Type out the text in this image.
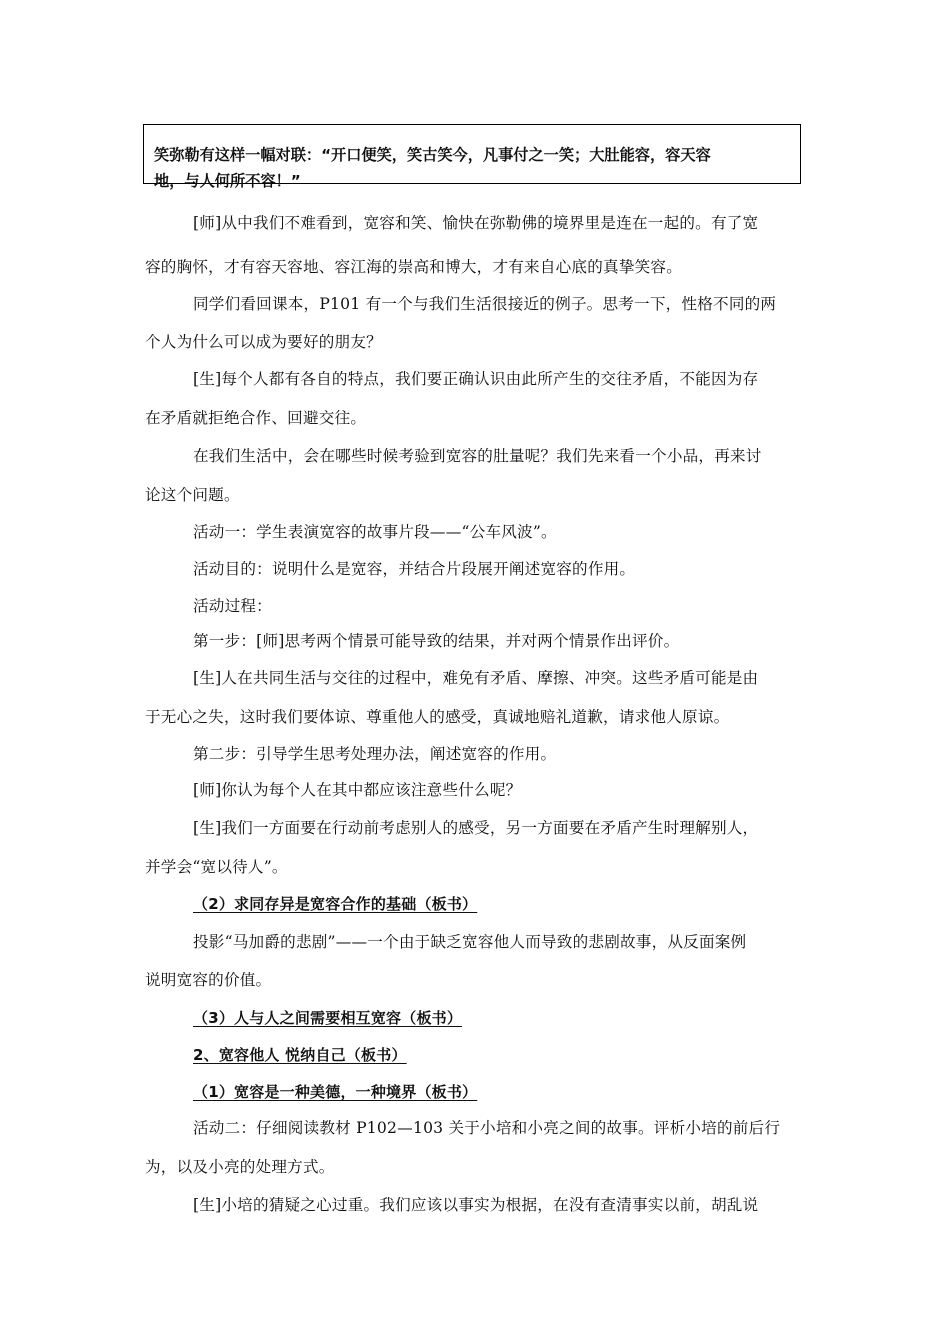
笑弥勒有这样一幅对联：“开口便笑，笑古笑今，凡事付之一笑；大肚能容，容天容
地，与人何所不容！”
[师]从中我们不难看到，宽容和笑、愉快在弥勒佛的境界里是连在一起的。有了宽
容的胸怀，才有容天容地、容江海的崇高和博大，才有来自心底的真挚笑容。
同学们看回课本，P101 有一个与我们生活很接近的例子。思考一下，性格不同的两
个人为什么可以成为要好的朋友？
[生]每个人都有各自的特点，我们要正确认识由此所产生的交往矛盾，不能因为存
在矛盾就拒绝合作、回避交往。
在我们生活中，会在哪些时候考验到宽容的肚量呢？我们先来看一个小品，再来讨
论这个问题。
活动一：学生表演宽容的故事片段——“公车风波”。
活动目的：说明什么是宽容，并结合片段展开阐述宽容的作用。
活动过程：
第一步：[师]思考两个情景可能导致的结果，并对两个情景作出评价。
[生]人在共同生活与交往的过程中，难免有矛盾、摩擦、冲突。这些矛盾可能是由
于无心之失，这时我们要体谅、尊重他人的感受，真诚地赔礼道歉，请求他人原谅。
第二步：引导学生思考处理办法，阐述宽容的作用。
[师]你认为每个人在其中都应该注意些什么呢？
[生]我们一方面要在行动前考虑别人的感受，另一方面要在矛盾产生时理解别人，
并学会“宽以待人”。
（2）求同存异是宽容合作的基础（板书）
投影“马加爵的悲剧”——一个由于缺乏宽容他人而导致的悲剧故事，从反面案例
说明宽容的价值。
（3）人与人之间需要相互宽容（板书）
2、宽容他人 悦纳自己（板书）
（1）宽容是一种美德，一种境界（板书）
活动二：仔细阅读教材 P102—103 关于小培和小亮之间的故事。评析小培的前后行
为，以及小亮的处理方式。
[生]小培的猜疑之心过重。我们应该以事实为根据，在没有查清事实以前，胡乱说
